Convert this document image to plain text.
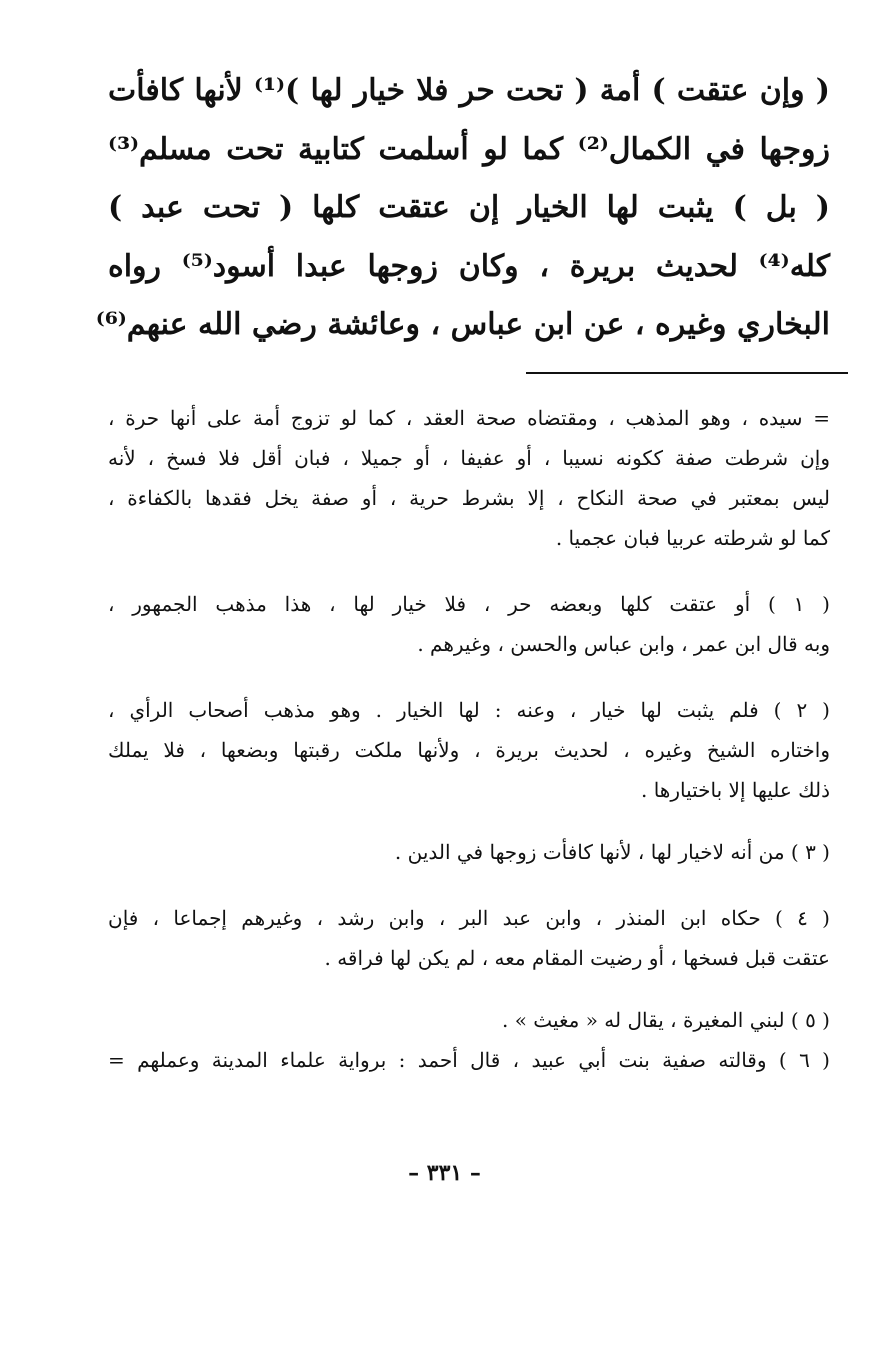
( وإن عتقت ) أمة ( تحت حر فلا خيار لها )⁽¹⁾ لأنها كافأت
زوجها في الكمال⁽²⁾ كما لو أسلمت كتابية تحت مسلم⁽³⁾
( بل ) يثبت لها الخيار إن عتقت كلها ( تحت عبد )
كله⁽⁴⁾ لحديث بريرة ، وكان زوجها عبدا أسود⁽⁵⁾ رواه
البخاري وغيره ، عن ابن عباس ، وعائشة رضي الله عنهم⁽⁶⁾
= سيده ، وهو المذهب ، ومقتضاه صحة العقد ، كما لو تزوج أمة على أنها حرة ،
وإن شرطت صفة ككونه نسيبا ، أو عفيفا ، أو جميلا ، فبان أقل فلا فسخ ، لأنه
ليس بمعتبر في صحة النكاح ، إلا بشرط حرية ، أو صفة يخل فقدها بالكفاءة ،
كما لو شرطته عربيا فبان عجميا .
( ١ ) أو عتقت كلها وبعضه حر ، فلا خيار لها ، هذا مذهب الجمهور ،
وبه قال ابن عمر ، وابن عباس والحسن ، وغيرهم .
( ٢ ) فلم يثبت لها خيار ، وعنه : لها الخيار . وهو مذهب أصحاب الرأي ،
واختاره الشيخ وغيره ، لحديث بريرة ، ولأنها ملكت رقبتها وبضعها ، فلا يملك
ذلك عليها إلا باختيارها .
( ٣ ) من أنه لاخيار لها ، لأنها كافأت زوجها في الدين .
( ٤ ) حكاه ابن المنذر ، وابن عبد البر ، وابن رشد ، وغيرهم إجماعا ، فإن
عتقت قبل فسخها ، أو رضيت المقام معه ، لم يكن لها فراقه .
( ٥ ) لبني المغيرة ، يقال له « مغيث » .
( ٦ ) وقالته صفية بنت أبي عبيد ، قال أحمد : برواية علماء المدينة وعملهم =
– ٣٣١ –
